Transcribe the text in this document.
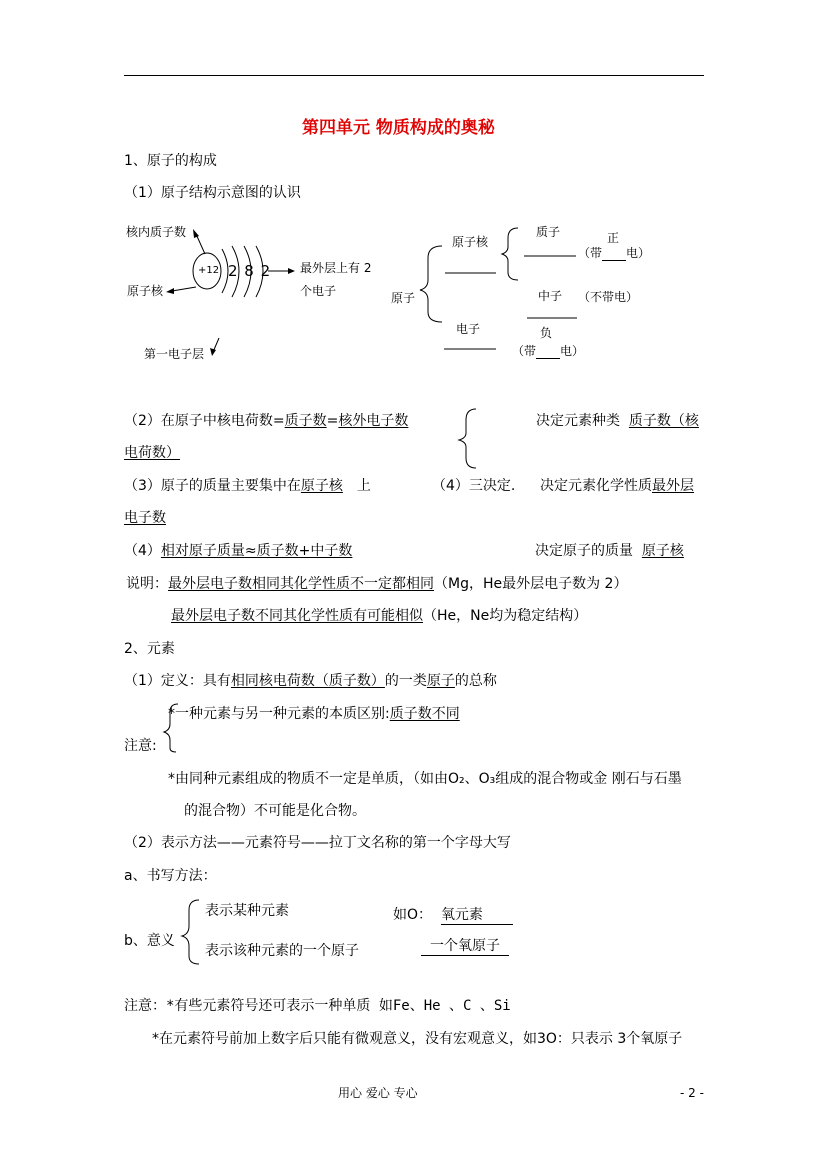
第四单元 物质构成的奥秘
1、原子的构成
（1）原子结构示意图的认识
核内质子数
+12 2 8 2 最外层上有 2
个电子
原子核
第一电子层
原子
原子核
质子	正
（带 电）
中子 （不带电）
电子	负
（带 电）
（2）在原子中核电荷数=质子数=核外电子数	决定元素种类 质子数（核
电荷数）
（3）原子的质量主要集中在原子核 上	（4）三决定. 决定元素化学性质最外层
电子数
（4）相对原子质量≈质子数+中子数	决定原子的质量 原子核
说明：最外层电子数相同其化学性质不一定都相同（Mg，He最外层电子数为 2）
最外层电子数不同其化学性质有可能相似（He，Ne均为稳定结构）
2、元素
（1）定义：具有相同核电荷数（质子数）的一类原子的总称
*一种元素与另一种元素的本质区别:质子数不同
注意:
*由同种元素组成的物质不一定是单质，（如由O₂、O₃组成的混合物或金 刚石与石墨
的混合物）不可能是化合物。
（2）表示方法——元素符号——拉丁文名称的第一个字母大写
a、书写方法：
b、意义
表示某种元素
表示该种元素的一个原子
如O： 氧元素
一个氧原子
注意：*有些元素符号还可表示一种单质 如Fe、He 、C 、Si
*在元素符号前加上数字后只能有微观意义，没有宏观意义，如3O：只表示 3个氧原子
用心 爱心 专心	- 2 -
